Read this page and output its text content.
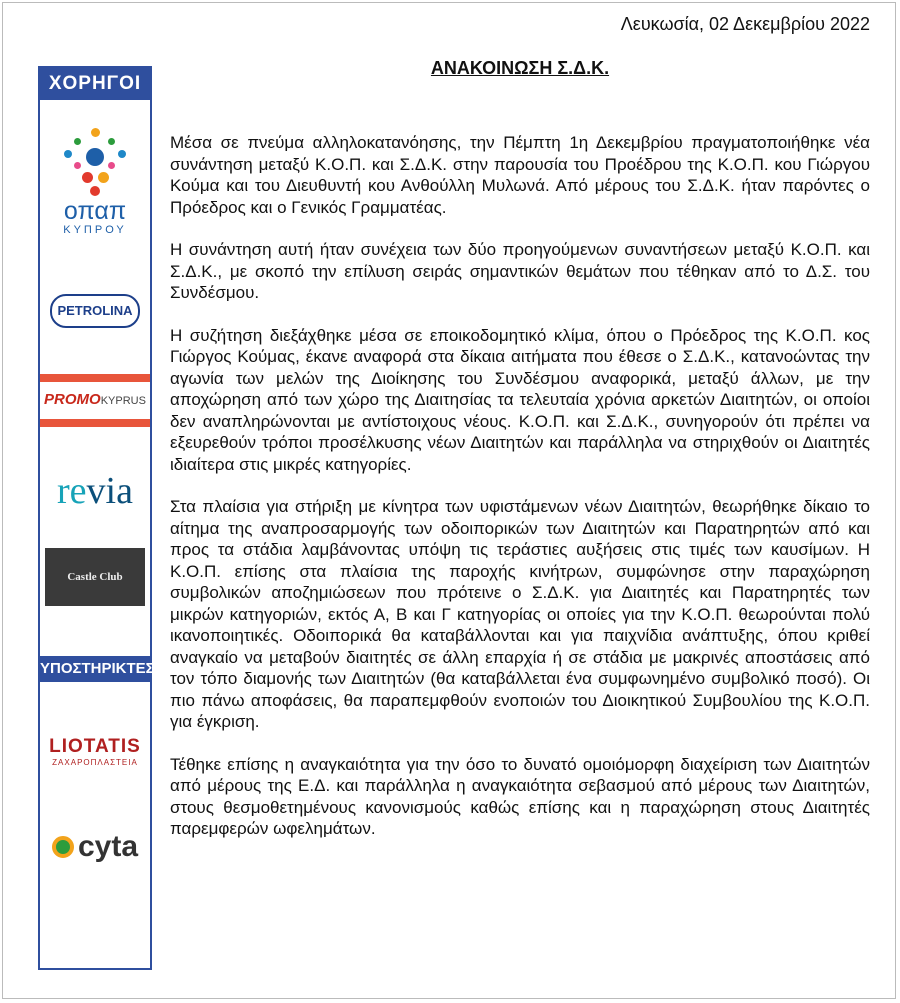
ΧΟΡΗΓΟΙ
οπαπ
ΚΥΠΡΟΥ
PETROLINA
PROMOKYPRUS
revia
Castle Club
ΥΠΟΣΤΗΡΙΚΤΕΣ
LIOTATIS
ΖΑΧΑΡΟΠΛΑΣΤΕΙΑ
cyta
Λευκωσία, 02 Δεκεμβρίου 2022
ΑΝΑΚΟΙΝΩΣΗ Σ.Δ.Κ.

Μέσα σε πνεύμα αλληλοκατανόησης, την Πέμπτη 1η Δεκεμβρίου πραγματοποιήθηκε νέα συνάντηση μεταξύ Κ.Ο.Π. και Σ.Δ.Κ. στην παρουσία του Προέδρου της Κ.Ο.Π. κου Γιώργου Κούμα και του Διευθυντή κου Ανθούλλη Μυλωνά. Από μέρους του Σ.Δ.Κ. ήταν παρόντες ο Πρόεδρος και ο Γενικός Γραμματέας.

Η συνάντηση αυτή ήταν συνέχεια των δύο προηγούμενων συναντήσεων μεταξύ Κ.Ο.Π. και Σ.Δ.Κ., με σκοπό την επίλυση σειράς σημαντικών θεμάτων που τέθηκαν από το Δ.Σ. του Συνδέσμου.

Η συζήτηση διεξάχθηκε μέσα σε εποικοδομητικό κλίμα, όπου ο Πρόεδρος της Κ.Ο.Π. κος Γιώργος Κούμας, έκανε αναφορά στα δίκαια αιτήματα που έθεσε ο Σ.Δ.Κ., κατανοώντας την αγωνία των μελών της Διοίκησης του Συνδέσμου αναφορικά, μεταξύ άλλων, με την αποχώρηση από των χώρο της Διαιτησίας τα τελευταία χρόνια αρκετών Διαιτητών, οι οποίοι δεν αναπληρώνονται με αντίστοιχους νέους. Κ.Ο.Π. και Σ.Δ.Κ., συνηγορούν ότι πρέπει να εξευρεθούν τρόποι προσέλκυσης νέων Διαιτητών και παράλληλα να στηριχθούν οι Διαιτητές ιδιαίτερα στις μικρές κατηγορίες.

Στα πλαίσια για στήριξη με κίνητρα των υφιστάμενων νέων Διαιτητών, θεωρήθηκε δίκαιο το αίτημα της αναπροσαρμογής των οδοιπορικών των Διαιτητών και Παρατηρητών από και προς τα στάδια λαμβάνοντας υπόψη τις τεράστιες αυξήσεις στις τιμές των καυσίμων. Η Κ.Ο.Π. επίσης στα πλαίσια της παροχής κινήτρων, συμφώνησε στην παραχώρηση συμβολικών αποζημιώσεων που πρότεινε ο Σ.Δ.Κ. για Διαιτητές και Παρατηρητές των μικρών κατηγοριών, εκτός Α, Β και Γ κατηγορίας οι οποίες για την Κ.Ο.Π. θεωρούνται πολύ ικανοποιητικές. Οδοιπορικά θα καταβάλλονται και για παιχνίδια ανάπτυξης, όπου κριθεί αναγκαίο να μεταβούν διαιτητές σε άλλη επαρχία ή σε στάδια με μακρινές αποστάσεις από τον τόπο διαμονής των Διαιτητών (θα καταβάλλεται ένα συμφωνημένο συμβολικό ποσό). Οι πιο πάνω αποφάσεις, θα παραπεμφθούν ενοποιών του Διοικητικού Συμβουλίου της Κ.Ο.Π. για έγκριση.

Τέθηκε επίσης η αναγκαιότητα για την όσο το δυνατό ομοιόμορφη διαχείριση των Διαιτητών από μέρους της Ε.Δ. και παράλληλα η αναγκαιότητα σεβασμού από μέρους των Διαιτητών, στους θεσμοθετημένους κανονισμούς καθώς επίσης και η παραχώρηση στους Διαιτητές παρεμφερών ωφελημάτων.
